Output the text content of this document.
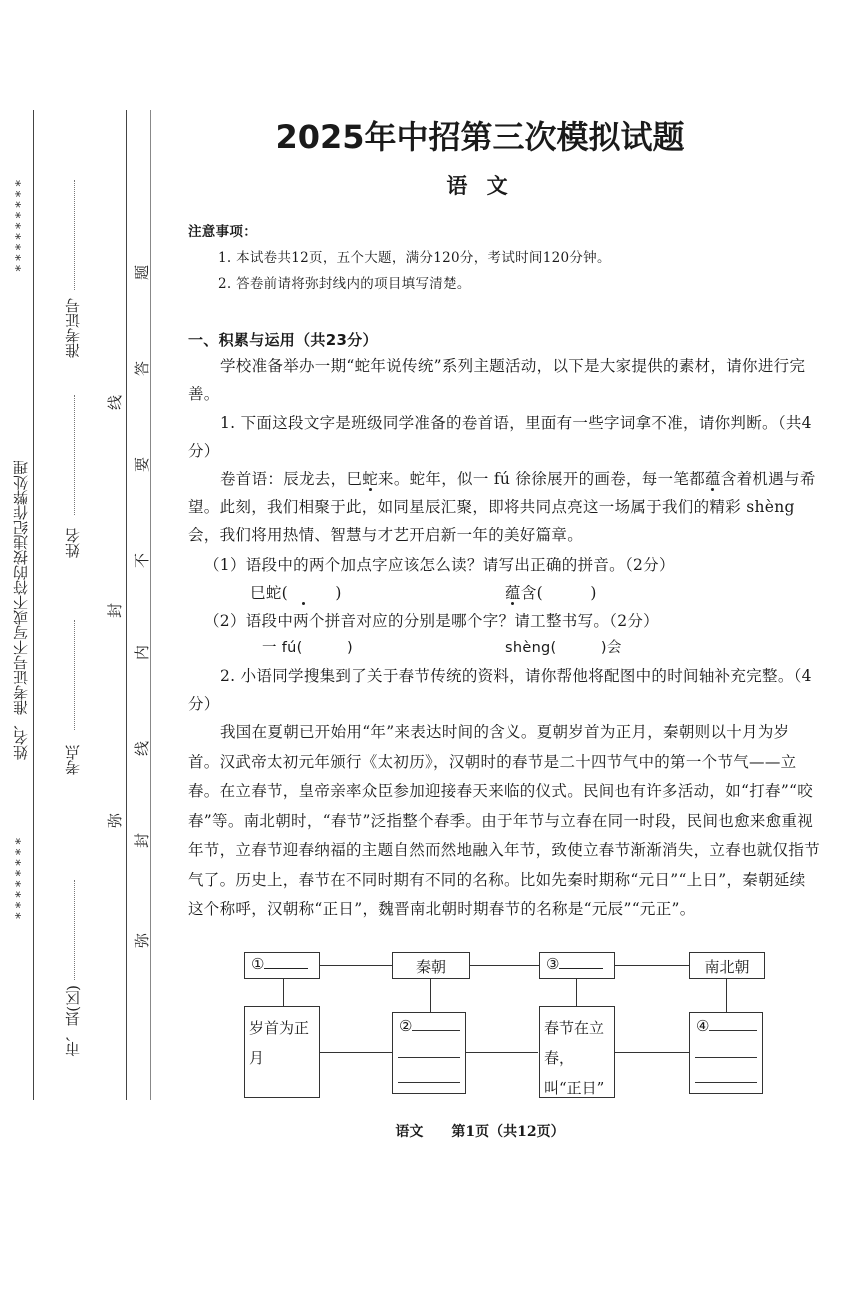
* * * * * * * * *
* * * * * * * *
姓名、准考证号不写或不符的按违纪作弊处理
准考证号
姓名
考点
市、县(区)
题
答
线
要
不
封
内
线
弥
封
弥
2025年中招第三次模拟试题
语 文
注意事项：
1. 本试卷共12页，五个大题，满分120分，考试时间120分钟。
2. 答卷前请将弥封线内的项目填写清楚。
一、积累与运用（共23分）
学校准备举办一期“蛇年说传统”系列主题活动，以下是大家提供的素材，请你进行完善。
1. 下面这段文字是班级同学准备的卷首语，里面有一些字词拿不准，请你判断。（共4分）
卷首语：辰龙去，巳蛇来。蛇年，似一 fú 徐徐展开的画卷，每一笔都蕴含着机遇与希望。此刻，我们相聚于此，如同星辰汇聚，即将共同点亮这一场属于我们的精彩 shèng 会，我们将用热情、智慧与才艺开启新一年的美好篇章。
（1）语段中的两个加点字应该怎么读？请写出正确的拼音。（2分）
巳蛇(　　　)	蕴含(　　　)
（2）语段中两个拼音对应的分别是哪个字？请工整书写。（2分）
一 fú(　　　)	shèng(　　　)会
2. 小语同学搜集到了关于春节传统的资料，请你帮他将配图中的时间轴补充完整。（4分）
我国在夏朝已开始用“年”来表达时间的含义。夏朝岁首为正月，秦朝则以十月为岁首。汉武帝太初元年颁行《太初历》，汉朝时的春节是二十四节气中的第一个节气——立春。在立春节，皇帝亲率众臣参加迎接春天来临的仪式。民间也有许多活动，如“打春”“咬春”等。南北朝时，“春节”泛指整个春季。由于年节与立春在同一时段，民间也愈来愈重视年节，立春节迎春纳福的主题自然而然地融入年节，致使立春节渐渐消失，立春也就仅指节气了。历史上，春节在不同时期有不同的名称。比如先秦时期称“元日”“上日”，秦朝延续这个称呼，汉朝称“正日”，魏晋南北朝时期春节的名称是“元辰”“元正”。
①	秦朝	③	南北朝
岁首为正月
②	春节在立春，叫“正日”
④
语文　　第1页（共12页）
